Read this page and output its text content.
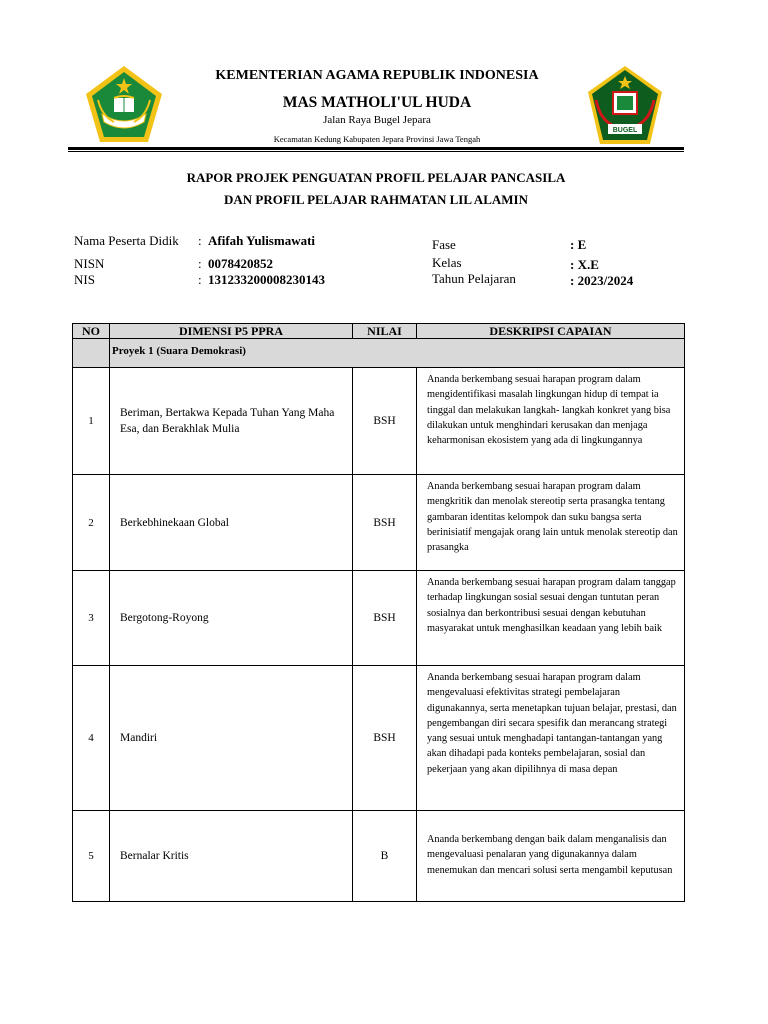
BUGEL
KEMENTERIAN AGAMA REPUBLIK INDONESIA
MAS MATHOLI'UL HUDA
Jalan Raya Bugel Jepara
Kecamatan Kedung Kabupaten Jepara Provinsi Jawa Tengah
RAPOR PROJEK PENGUATAN PROFIL PELAJAR PANCASILA
DAN PROFIL PELAJAR RAHMATAN LIL ALAMIN
Nama Peserta Didik : Afifah Yulismawati
NISN	: 0078420852
NIS	: 131233200008230143
Fase	: E
Kelas	: X.E
Tahun Pelajaran	: 2023/2024
NO	DIMENSI P5 PPRA	NILAI	DESKRIPSI CAPAIAN
	Proyek 1 (Suara Demokrasi)		
1	Beriman, Bertakwa Kepada Tuhan Yang Maha Esa, dan Berakhlak Mulia	BSH	Ananda berkembang sesuai harapan program dalam mengidentifikasi masalah lingkungan hidup di tempat ia tinggal dan melakukan langkah- langkah konkret yang bisa dilakukan untuk menghindari kerusakan dan menjaga keharmonisan ekosistem yang ada di lingkungannya
2	Berkebhinekaan Global	BSH	Ananda berkembang sesuai harapan program dalam mengkritik dan menolak stereotip serta prasangka tentang gambaran identitas kelompok dan suku bangsa serta berinisiatif mengajak orang lain untuk menolak stereotip dan prasangka
3	Bergotong-Royong	BSH	Ananda berkembang sesuai harapan program dalam tanggap terhadap lingkungan sosial sesuai dengan tuntutan peran sosialnya dan berkontribusi sesuai dengan kebutuhan masyarakat untuk menghasilkan keadaan yang lebih baik
4	Mandiri	BSH	Ananda berkembang sesuai harapan program dalam mengevaluasi efektivitas strategi pembelajaran digunakannya, serta menetapkan tujuan belajar, prestasi, dan pengembangan diri secara spesifik dan merancang strategi yang sesuai untuk menghadapi tantangan-tantangan yang akan dihadapi pada konteks pembelajaran, sosial dan pekerjaan yang akan dipilihnya di masa depan
5	Bernalar Kritis	B	Ananda berkembang dengan baik dalam menganalisis dan mengevaluasi penalaran yang digunakannya dalam menemukan dan mencari solusi serta mengambil keputusan
